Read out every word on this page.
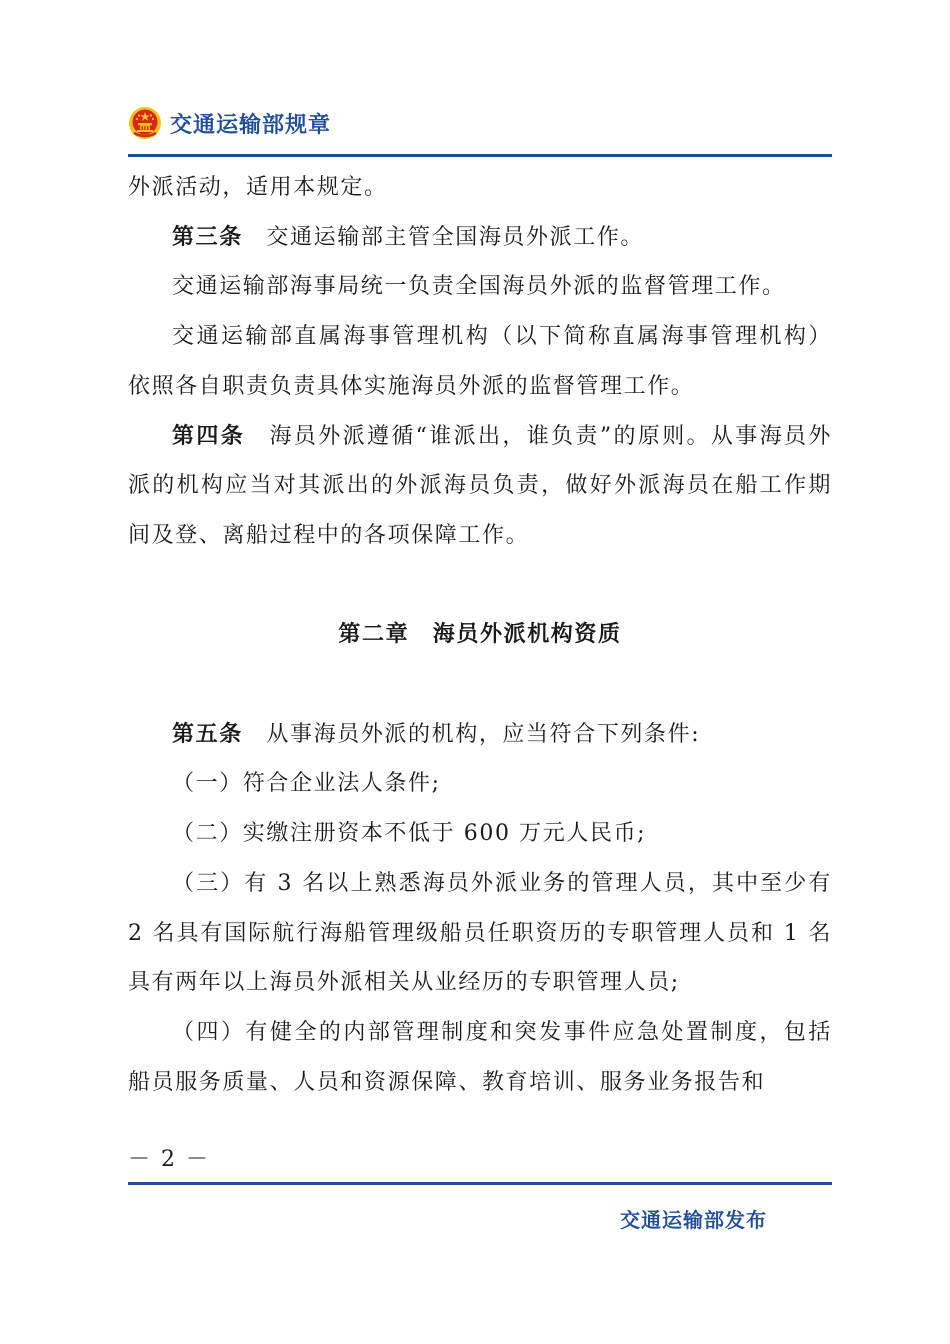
交通运输部规章

外派活动，适用本规定。

第三条　 交通运输部主管全国海员外派工作。

交通运输部海事局统一负责全国海员外派的监督管理工作。

交通运输部直属海事管理机构（以下简称直属海事管理机构）依照各自职责负责具体实施海员外派的监督管理工作。

第四条　 海员外派遵循“谁派出，谁负责”的原则。从事海员外派的机构应当对其派出的外派海员负责，做好外派海员在船工作期间及登、离船过程中的各项保障工作。

第二章　海员外派机构资质

第五条　 从事海员外派的机构，应当符合下列条件:

（一）符合企业法人条件;

（二）实缴注册资本不低于 600 万元人民币;

（三）有 3 名以上熟悉海员外派业务的管理人员，其中至少有 2 名具有国际航行海船管理级船员任职资历的专职管理人员和 1 名具有两年以上海员外派相关从业经历的专职管理人员;

（四）有健全的内部管理制度和突发事件应急处置制度，包括船员服务质量、人员和资源保障、教育培训、服务业务报告和

－ 2 －
交通运输部发布
